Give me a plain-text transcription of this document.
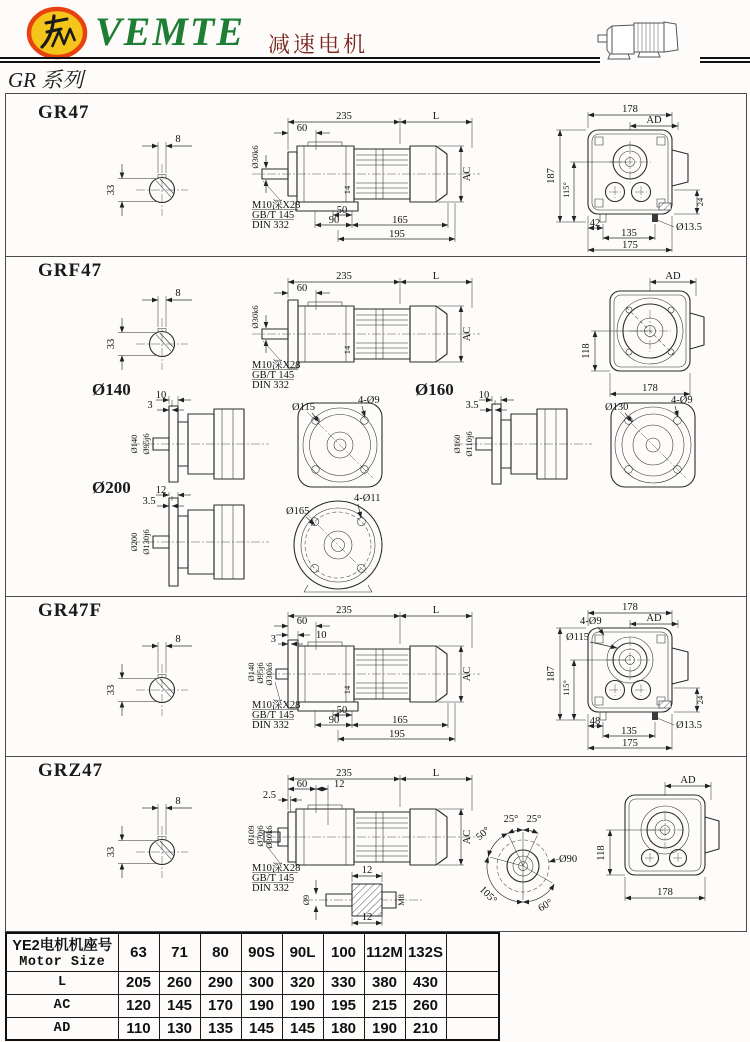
VEMTE 减速电机
GR 系列
GR47
8
33
235	L
60
Ø30k6
AC
14
M10深X28
GB/T 145
DIN 332
50
90	165
195
178
AD
187
115°
24
42
135
175
Ø13.5
GRF47
8
33
235	L
60
Ø30k6
AC
14
M10深X28
GB/T 145
DIN 332
AD
118
178
Ø140 10
3
Ø140 Ø95j6
4-Ø9
Ø115
Ø160 10
3.5
Ø160 Ø110j6
4-Ø9
Ø130
Ø200 12
3.5
Ø200 Ø130j6
4-Ø11
Ø165
GR47F
8
33
235	L
60
10
3
Ø140 Ø95j6 Ø30k6	AC
14
M10深X28
GB/T 145
DIN 332
50
90	165
195
178
4-Ø9
Ø115
AD
187
115°
24
48
135
175
Ø13.5
GRZ47
8
33
235	L
60	12
2.5
Ø109 Ø70j6 Ø30k6	AC
M10深X28
GB/T 145
DIN 332
12
Ø9
12
M8
25°
25°
50°
105°	60°
Ø90
AD
118
178
YE2电机机座号
Motor Size	63	71	80	90S	90L	100	112M	132S	
L	205	260	290	300	320	330	380	430	
AC	120	145	170	190	190	195	215	260	
AD	110	130	135	145	145	180	190	210	
